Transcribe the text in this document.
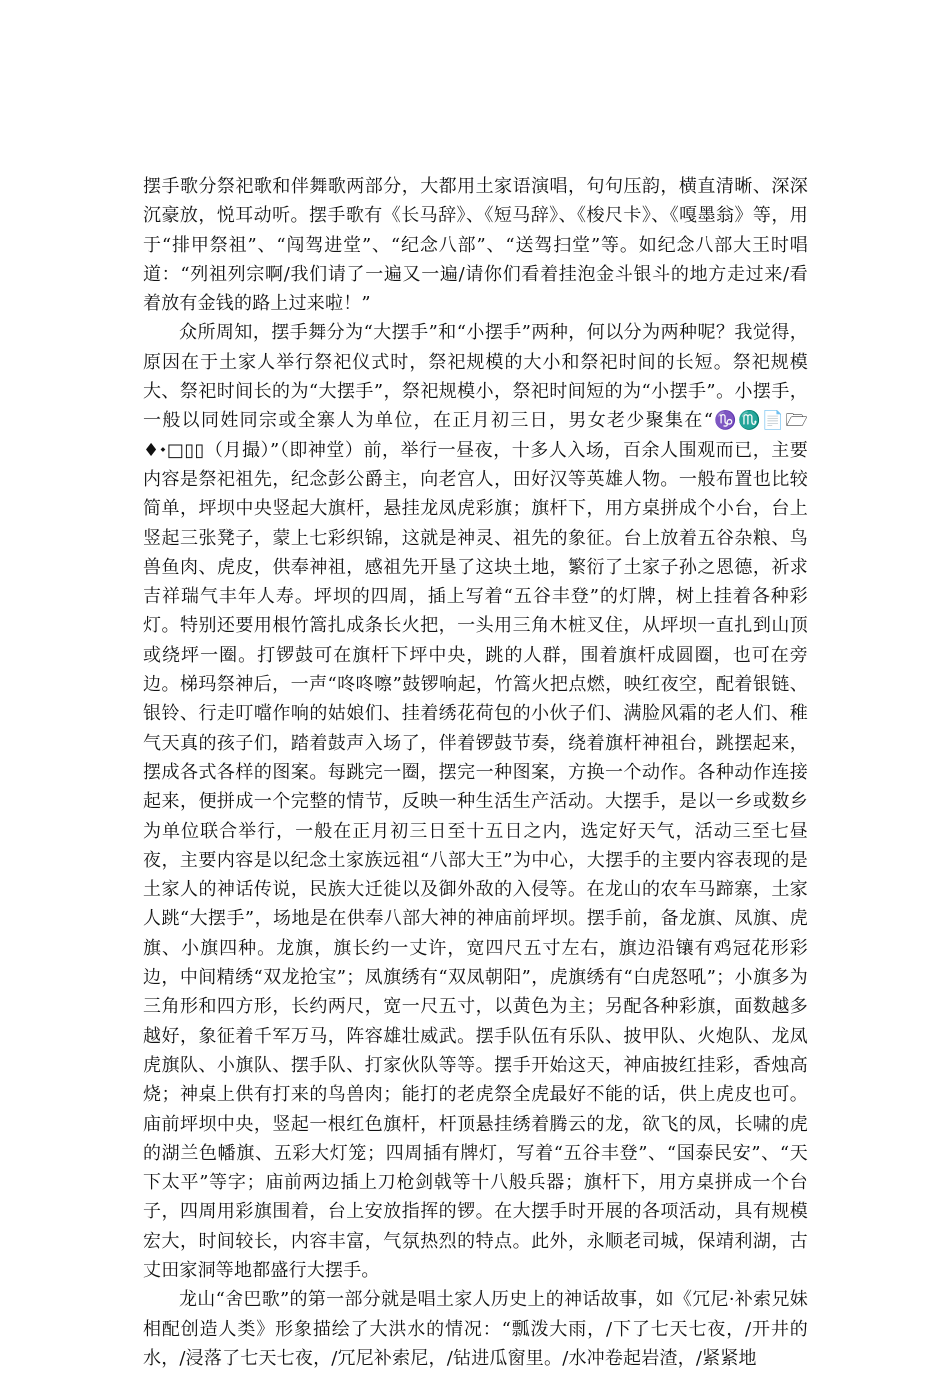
摆手歌分祭祀歌和伴舞歌两部分，大都用土家语演唱，句句压韵，横直清晰、深深沉豪放，悦耳动听。摆手歌有《长马辞》、《短马辞》、《梭尺卡》、《嘎墨翁》等，用于“排甲祭祖”、“闯驾进堂”、“纪念八部”、“送驾扫堂”等。如纪念八部大王时唱道：“列祖列宗啊/我们请了一遍又一遍/请你们看着挂泡金斗银斗的地方走过来/看着放有金钱的路上过来啦！”

众所周知，摆手舞分为“大摆手”和“小摆手”两种，何以分为两种呢？我觉得，原因在于土家人举行祭祀仪式时，祭祀规模的大小和祭祀时间的长短。祭祀规模大、祭祀时间长的为“大摆手”，祭祀规模小，祭祀时间短的为“小摆手”。小摆手，一般以同姓同宗或全寨人为单位，在正月初三日，男女老少聚集在“♑♏📄🗁♦⬩□▯▯（月撮）”（即神堂）前，举行一昼夜，十多人入场，百余人围观而已，主要内容是祭祀祖先，纪念彭公爵主，向老宫人，田好汉等英雄人物。一般布置也比较简单，坪坝中央竖起大旗杆，悬挂龙凤虎彩旗；旗杆下，用方桌拼成个小台，台上竖起三张凳子，蒙上七彩织锦，这就是神灵、祖先的象征。台上放着五谷杂粮、鸟兽鱼肉、虎皮，供奉神祖，感祖先开垦了这块土地，繁衍了土家子孙之恩德，祈求吉祥瑞气丰年人寿。坪坝的四周，插上写着“五谷丰登”的灯牌，树上挂着各种彩灯。特别还要用根竹篙扎成条长火把，一头用三角木桩叉住，从坪坝一直扎到山顶或绕坪一圈。打锣鼓可在旗杆下坪中央，跳的人群，围着旗杆成圆圈，也可在旁边。梯玛祭神后，一声“咚咚嚓”鼓锣响起，竹篙火把点燃，映红夜空，配着银链、银铃、行走叮噹作响的姑娘们、挂着绣花荷包的小伙子们、满脸风霜的老人们、稚气天真的孩子们，踏着鼓声入场了，伴着锣鼓节奏，绕着旗杆神祖台，跳摆起来，摆成各式各样的图案。每跳完一圈，摆完一种图案，方换一个动作。各种动作连接起来，便拼成一个完整的情节，反映一种生活生产活动。大摆手，是以一乡或数乡为单位联合举行，一般在正月初三日至十五日之内，选定好天气，活动三至七昼夜，主要内容是以纪念土家族远祖“八部大王”为中心，大摆手的主要内容表现的是土家人的神话传说，民族大迁徙以及御外敌的入侵等。在龙山的农车马蹄寨，土家人跳“大摆手”，场地是在供奉八部大神的神庙前坪坝。摆手前，备龙旗、凤旗、虎旗、小旗四种。龙旗，旗长约一丈许，宽四尺五寸左右，旗边沿镶有鸡冠花形彩边，中间精绣“双龙抢宝”；凤旗绣有“双凤朝阳”，虎旗绣有“白虎怒吼”；小旗多为三角形和四方形，长约两尺，宽一尺五寸，以黄色为主；另配各种彩旗，面数越多越好，象征着千军万马，阵容雄壮威武。摆手队伍有乐队、披甲队、火炮队、龙凤虎旗队、小旗队、摆手队、打家伙队等等。摆手开始这天，神庙披红挂彩，香烛高烧；神桌上供有打来的鸟兽肉；能打的老虎祭全虎最好不能的话，供上虎皮也可。庙前坪坝中央，竖起一根红色旗杆，杆顶悬挂绣着腾云的龙，欲飞的凤，长啸的虎的湖兰色幡旗、五彩大灯笼；四周插有牌灯，写着“五谷丰登”、“国泰民安”、“天下太平”等字；庙前两边插上刀枪剑戟等十八般兵器；旗杆下，用方桌拼成一个台子，四周用彩旗围着，台上安放指挥的锣。在大摆手时开展的各项活动，具有规模宏大，时间较长，内容丰富，气氛热烈的特点。此外，永顺老司城，保靖利湖，古丈田家洞等地都盛行大摆手。

龙山“舍巴歌”的第一部分就是唱土家人历史上的神话故事，如《冗尼·补索兄妹相配创造人类》形象描绘了大洪水的情况：“瓢泼大雨，/下了七天七夜，/开井的水，/浸落了七天七夜，/冗尼补索尼，/钻进瓜窗里。/水冲卷起岩渣，/紧紧地
